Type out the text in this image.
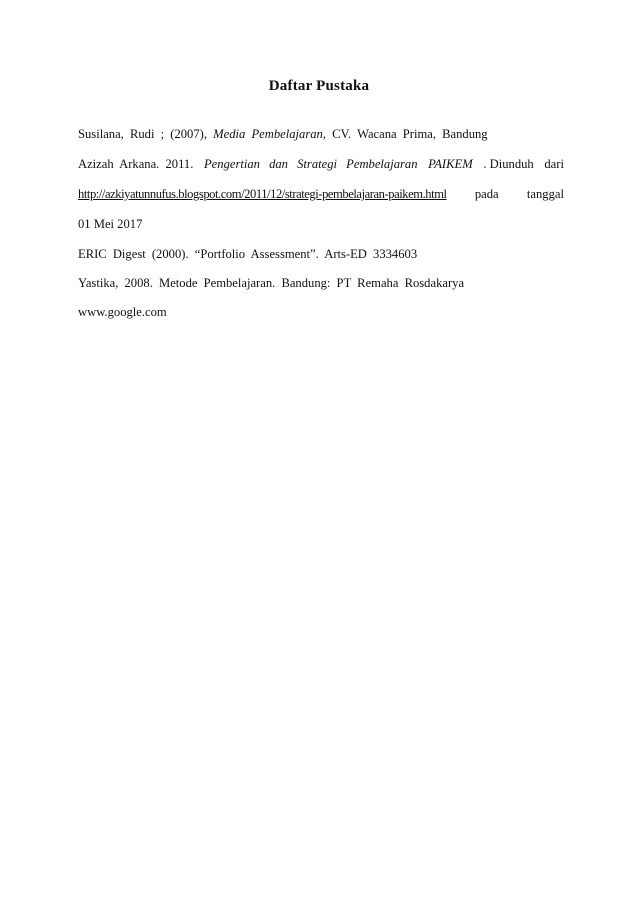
Daftar Pustaka
Susilana, Rudi ; (2007), Media Pembelajaran, CV. Wacana Prima, Bandung
Azizah Arkana. 2011. Pengertian dan Strategi Pembelajaran PAIKEM . Diunduh dari
http://azkiyatunnufus.blogspot.com/2011/12/strategi-pembelajaran-paikem.html pada tanggal
01 Mei 2017
ERIC Digest (2000). “Portfolio Assessment”. Arts-ED 3334603
Yastika, 2008. Metode Pembelajaran. Bandung: PT Remaha Rosdakarya
www.google.com
